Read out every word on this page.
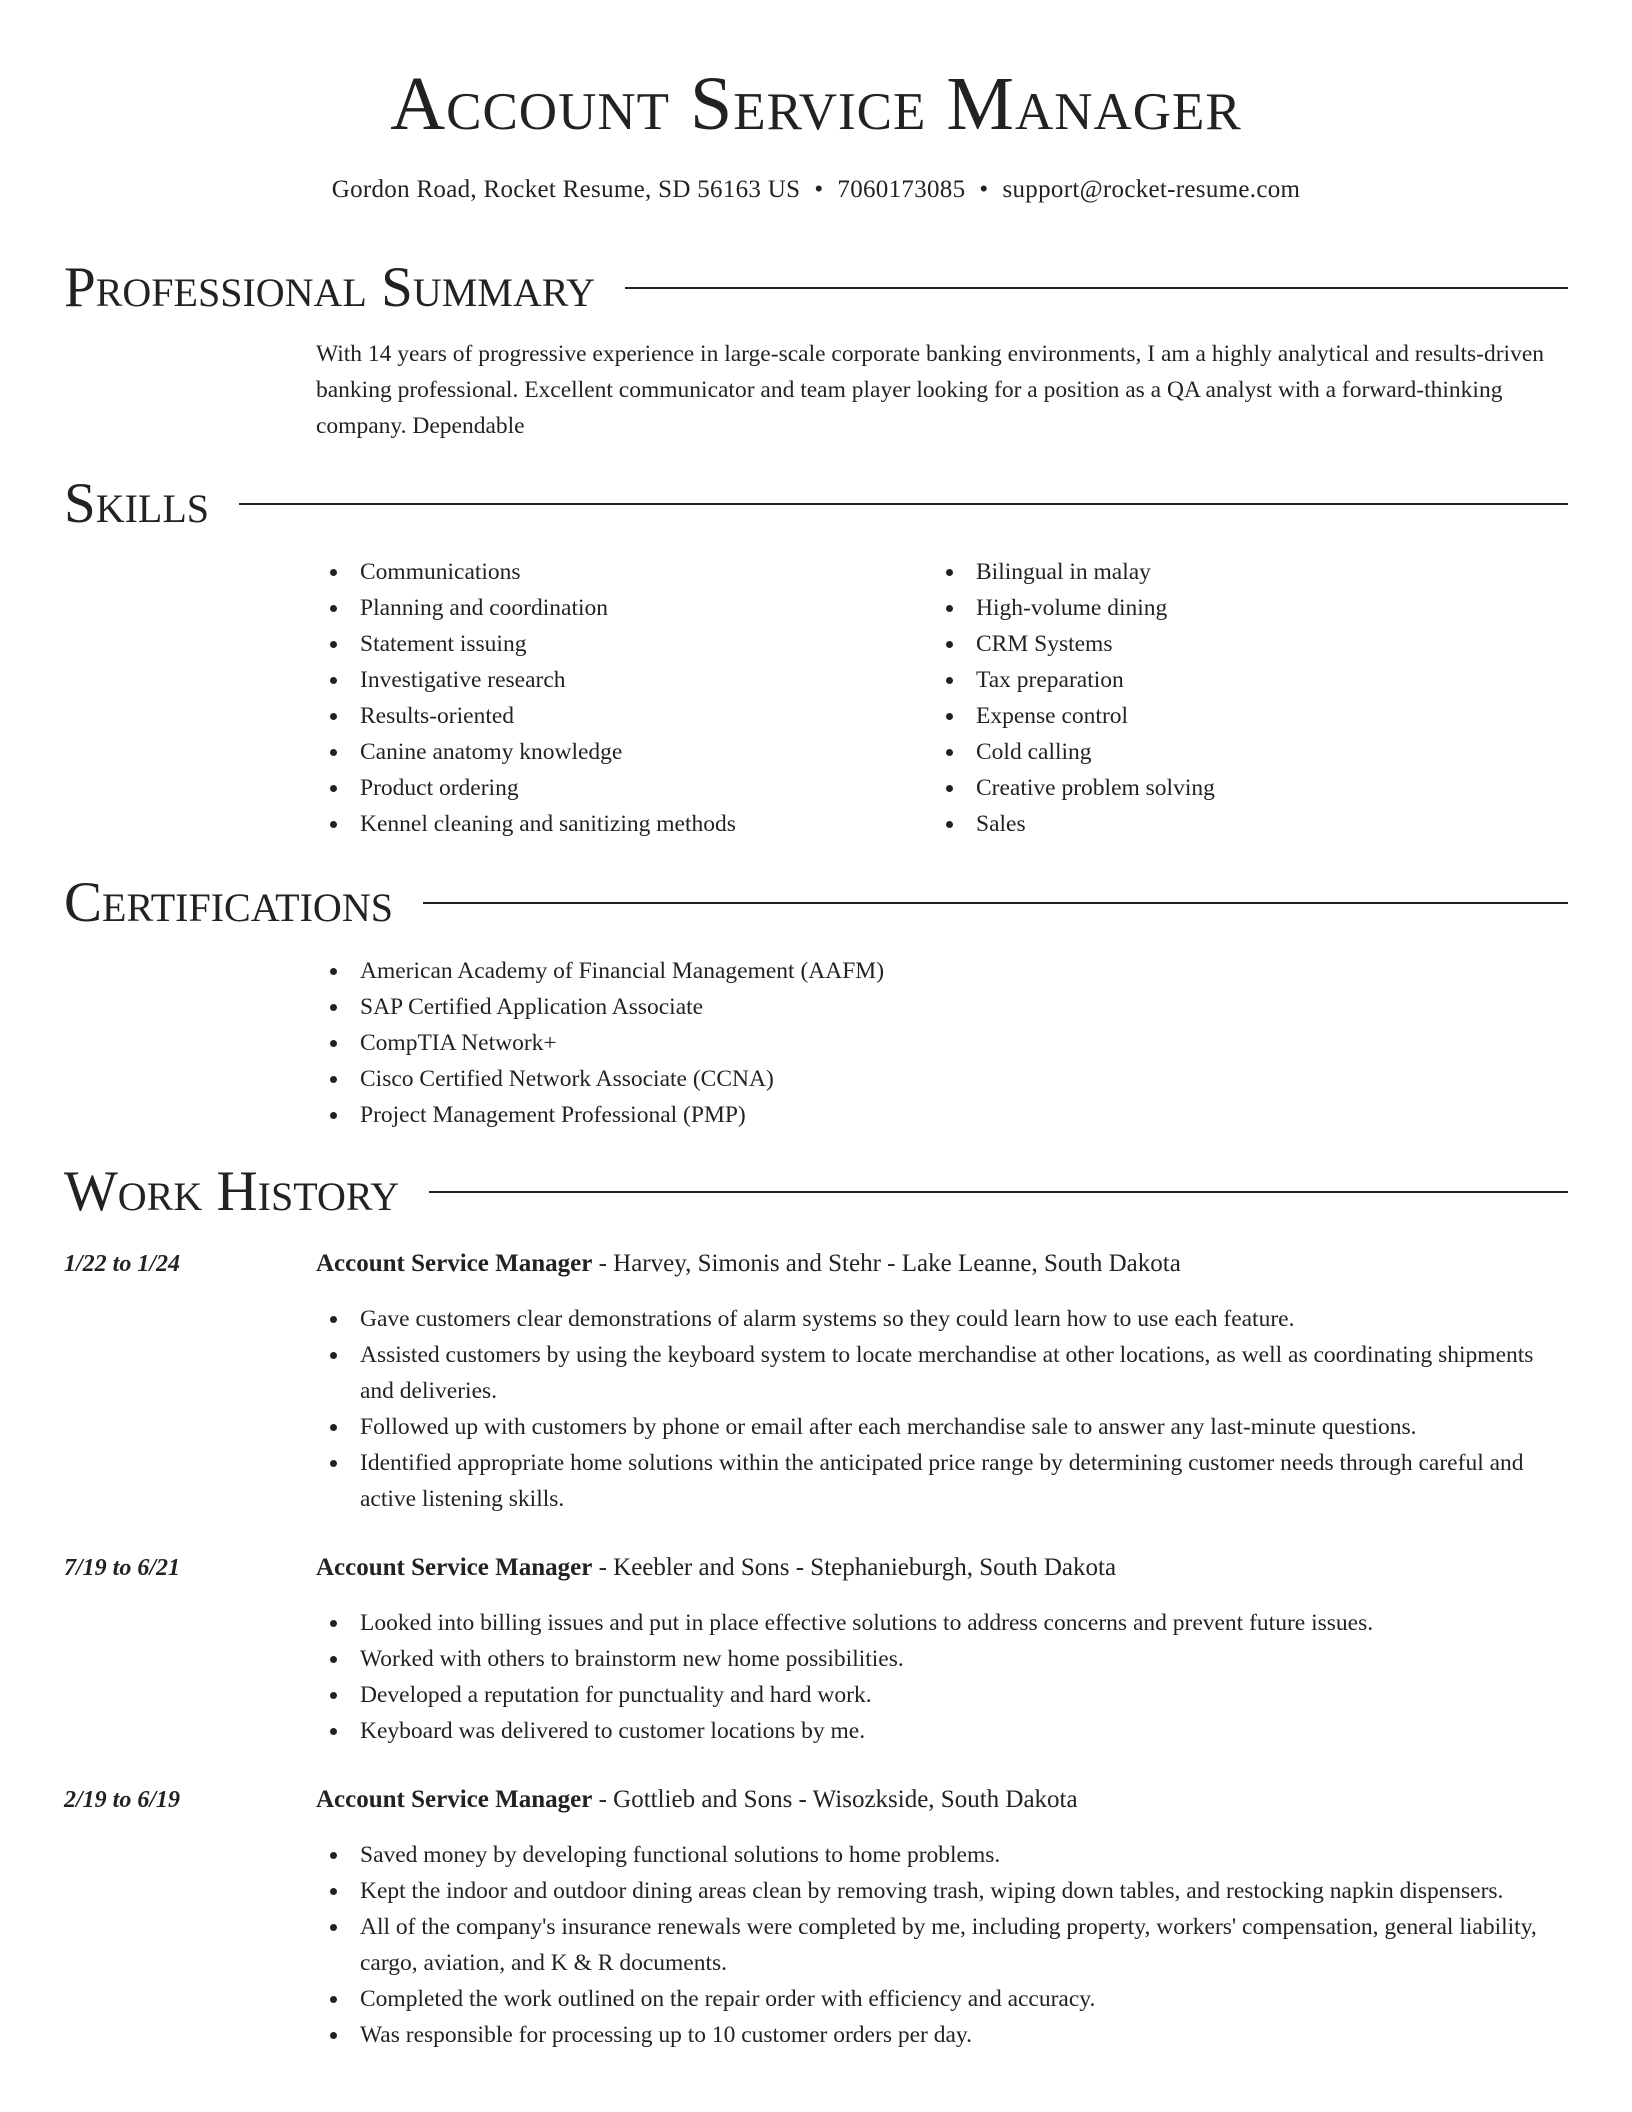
Account Service Manager
Gordon Road, Rocket Resume, SD 56163 US • 7060173085 • support@rocket-resume.com
Professional Summary
With 14 years of progressive experience in large-scale corporate banking environments, I am a highly analytical and results-driven banking professional. Excellent communicator and team player looking for a position as a QA analyst with a forward-thinking company. Dependable
Skills
Communications
Planning and coordination
Statement issuing
Investigative research
Results-oriented
Canine anatomy knowledge
Product ordering
Kennel cleaning and sanitizing methods
Bilingual in malay
High-volume dining
CRM Systems
Tax preparation
Expense control
Cold calling
Creative problem solving
Sales
Certifications
American Academy of Financial Management (AAFM)
SAP Certified Application Associate
CompTIA Network+
Cisco Certified Network Associate (CCNA)
Project Management Professional (PMP)
Work History
1/22 to 1/24	Account Service Manager - Harvey, Simonis and Stehr - Lake Leanne, South Dakota
Gave customers clear demonstrations of alarm systems so they could learn how to use each feature.
Assisted customers by using the keyboard system to locate merchandise at other locations, as well as coordinating shipments and deliveries.
Followed up with customers by phone or email after each merchandise sale to answer any last-minute questions.
Identified appropriate home solutions within the anticipated price range by determining customer needs through careful and active listening skills.
7/19 to 6/21	Account Service Manager - Keebler and Sons - Stephanieburgh, South Dakota
Looked into billing issues and put in place effective solutions to address concerns and prevent future issues.
Worked with others to brainstorm new home possibilities.
Developed a reputation for punctuality and hard work.
Keyboard was delivered to customer locations by me.
2/19 to 6/19	Account Service Manager - Gottlieb and Sons - Wisozkside, South Dakota
Saved money by developing functional solutions to home problems.
Kept the indoor and outdoor dining areas clean by removing trash, wiping down tables, and restocking napkin dispensers.
All of the company's insurance renewals were completed by me, including property, workers' compensation, general liability, cargo, aviation, and K & R documents.
Completed the work outlined on the repair order with efficiency and accuracy.
Was responsible for processing up to 10 customer orders per day.
